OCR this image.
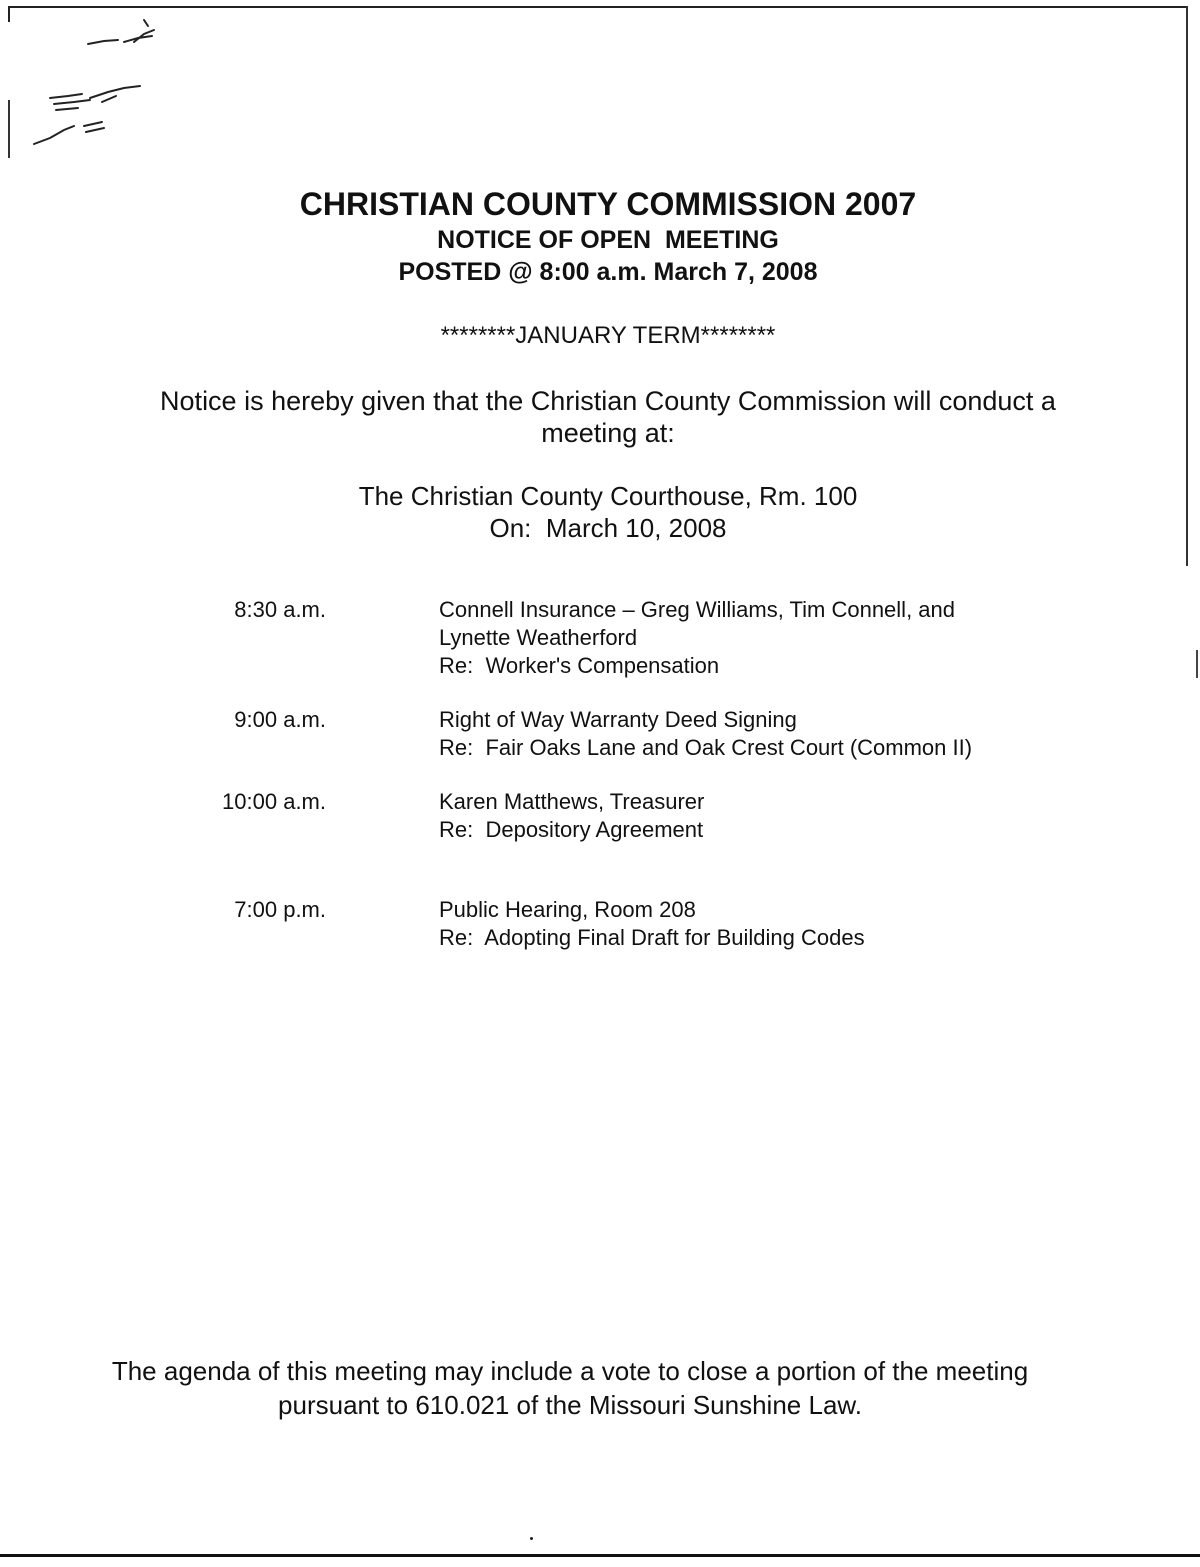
CHRISTIAN COUNTY COMMISSION 2007
NOTICE OF OPEN  MEETING
POSTED @ 8:00 a.m. March 7, 2008
********JANUARY TERM********
Notice is hereby given that the Christian County Commission will conduct a
meeting at:
The Christian County Courthouse, Rm. 100
On:  March 10, 2008
8:30 a.m.	Connell Insurance – Greg Williams, Tim Connell, and
Lynette Weatherford
Re:  Worker's Compensation
9:00 a.m.	Right of Way Warranty Deed Signing
Re:  Fair Oaks Lane and Oak Crest Court (Common II)
10:00 a.m.	Karen Matthews, Treasurer
Re:  Depository Agreement
7:00 p.m.	Public Hearing, Room 208
Re:  Adopting Final Draft for Building Codes
The agenda of this meeting may include a vote to close a portion of the meeting
pursuant to 610.021 of the Missouri Sunshine Law.
